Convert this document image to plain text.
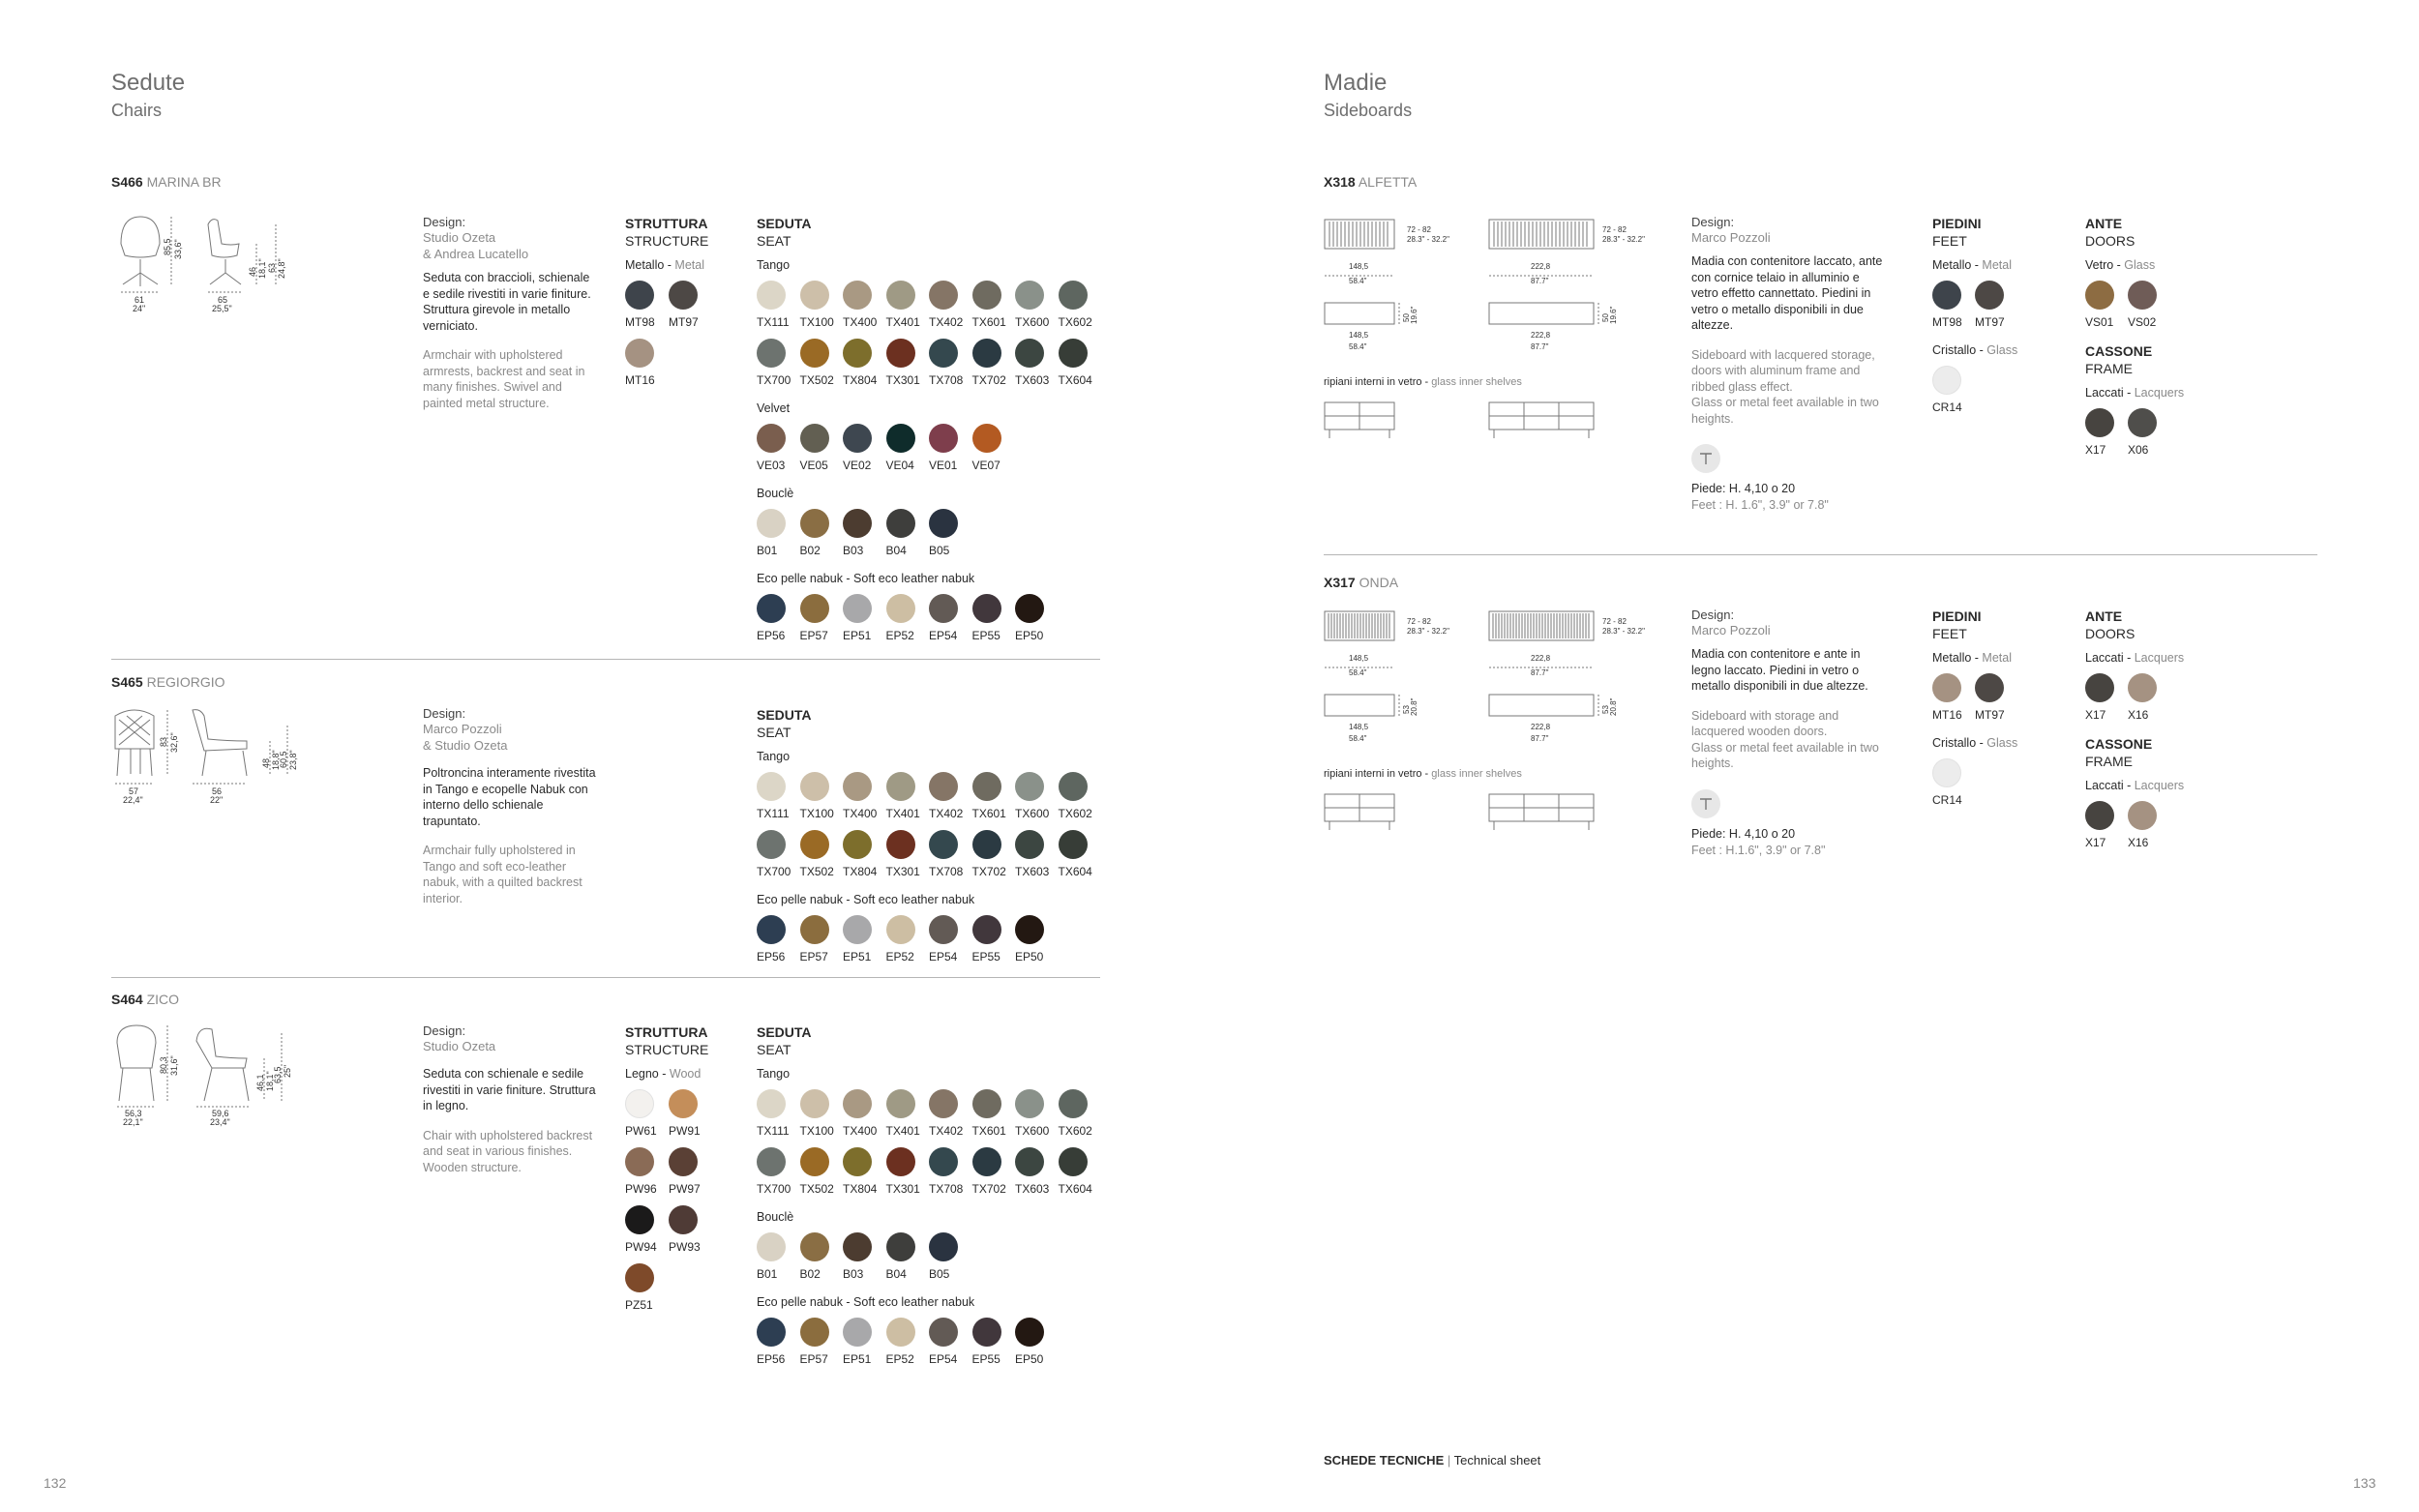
Sedute
Chairs
S466 MARINA BR
61
24"
65
25,5"
85,5 33,6"
46 18,1" 63 24,8"
Design:
Studio Ozeta
& Andrea Lucatello
Seduta con braccioli, schienale e sedile rivestiti in varie finiture. Struttura girevole in metallo verniciato.
Armchair with upholstered armrests, backrest and seat in many finishes. Swivel and painted metal structure.
STRUTTURA
STRUCTURE
Metallo - Metal
MT98 MT97
MT16
SEDUTA
SEAT
Tango
TX111 TX100 TX400 TX401 TX402 TX601 TX600 TX602
TX700 TX502 TX804 TX301 TX708 TX702 TX603 TX604
Velvet
VE03 VE05 VE02 VE04 VE01 VE07
Bouclè
B01 B02 B03 B04 B05
Eco pelle nabuk - Soft eco leather nabuk
EP56 EP57 EP51 EP52 EP54 EP55 EP50
S465 REGIORGIO
57
22,4"
56
22"
83 32,6"
48 18,8"
60,5 23,8"
Design:
Marco Pozzoli
& Studio Ozeta
Poltroncina interamente rivestita in Tango e ecopelle Nabuk con interno dello schienale trapuntato.
Armchair fully upholstered in Tango and soft eco-leather nabuk, with a quilted backrest interior.
SEDUTA
SEAT
Tango
TX111 TX100 TX400 TX401 TX402 TX601 TX600 TX602
TX700 TX502 TX804 TX301 TX708 TX702 TX603 TX604
Eco pelle nabuk - Soft eco leather nabuk
EP56 EP57 EP51 EP52 EP54 EP55 EP50
S464 ZICO
56,3
22,1"
59,6
23,4"
80,3 31,6"
46,1 18,1"
63,5 25"
Design:
Studio Ozeta
Seduta con schienale e sedile rivestiti in varie finiture. Struttura in legno.
Chair with upholstered backrest and seat in various finishes. Wooden structure.
STRUTTURA
STRUCTURE
Legno - Wood
PW61 PW91
PW96 PW97
PW94 PW93
PZ51
SEDUTA
SEAT
Tango
TX111 TX100 TX400 TX401 TX402 TX601 TX600 TX602
TX700 TX502 TX804 TX301 TX708 TX702 TX603 TX604
Bouclè
B01 B02 B03 B04 B05
Eco pelle nabuk - Soft eco leather nabuk
EP56 EP57 EP51 EP52 EP54 EP55 EP50
132
Madie
Sideboards
X318 ALFETTA
72 - 82
28.3" - 32.2"
72 - 82
28.3" - 32.2"
148,5
58.4"
222,8
87.7"
148,5
58.4"
222,8
87.7"
50 19.6"	50 19.6"
ripiani interni in vetro - glass inner shelves
Design:
Marco Pozzoli
Madia con contenitore laccato, ante con cornice telaio in alluminio e vetro effetto cannettato. Piedini in vetro o metallo disponibili in due altezze.
Sideboard with lacquered storage, doors with aluminum frame and ribbed glass effect.
Glass or metal feet available in two heights.
Piede: H. 4,10 o 20
Feet : H. 1.6", 3.9" or 7.8"
PIEDINI
FEET
Metallo - Metal
MT98 MT97
Cristallo - Glass
CR14
ANTE
DOORS
Vetro - Glass
VS01 VS02
CASSONE
FRAME
Laccati - Lacquers
X17 X06
X317 ONDA
72 - 82
28.3" - 32.2"
72 - 82
28.3" - 32.2"
148,5
58.4"
222,8
87.7"
148,5
58.4"
222,8
87.7"
53 20.8"	53 20.8"
ripiani interni in vetro - glass inner shelves
Design:
Marco Pozzoli
Madia con contenitore e ante in legno laccato. Piedini in vetro o metallo disponibili in due altezze.
Sideboard with storage and lacquered wooden doors.
Glass or metal feet available in two heights.
Piede: H. 4,10 o 20
Feet : H.1.6", 3.9" or 7.8"
PIEDINI
FEET
Metallo - Metal
MT16 MT97
Cristallo - Glass
CR14
ANTE
DOORS
Laccati - Lacquers
X17 X16
CASSONE
FRAME
Laccati - Lacquers
X17 X16
SCHEDE TECNICHE | Technical sheet
133
